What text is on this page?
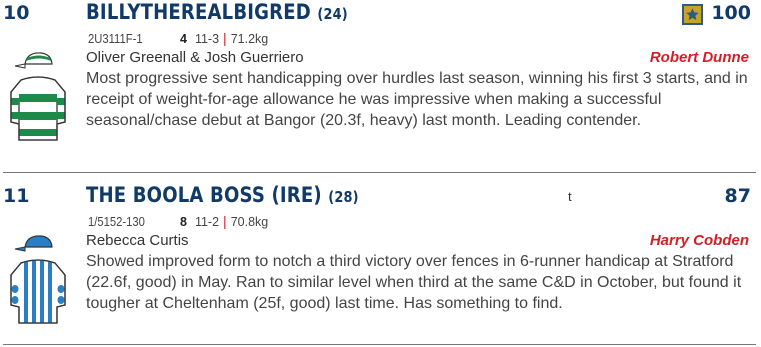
10	BILLYTHEREALBIGRED (24)	100
2U3111F-1	4 11-3 | 71.2kg
Oliver Greenall & Josh Guerriero	Robert Dunne
Most progressive sent handicapping over hurdles last season, winning his first 3 starts, and in receipt of weight-for-age allowance he was impressive when making a successful seasonal/chase debut at Bangor (20.3f, heavy) last month. Leading contender.
11	THE BOOLA BOSS (IRE) (28)	t	87
1/5152-130	8 11-2 | 70.8kg
Rebecca Curtis	Harry Cobden
Showed improved form to notch a third victory over fences in 6-runner handicap at Stratford (22.6f, good) in May. Ran to similar level when third at the same C&D in October, but found it tougher at Cheltenham (25f, good) last time. Has something to find.
